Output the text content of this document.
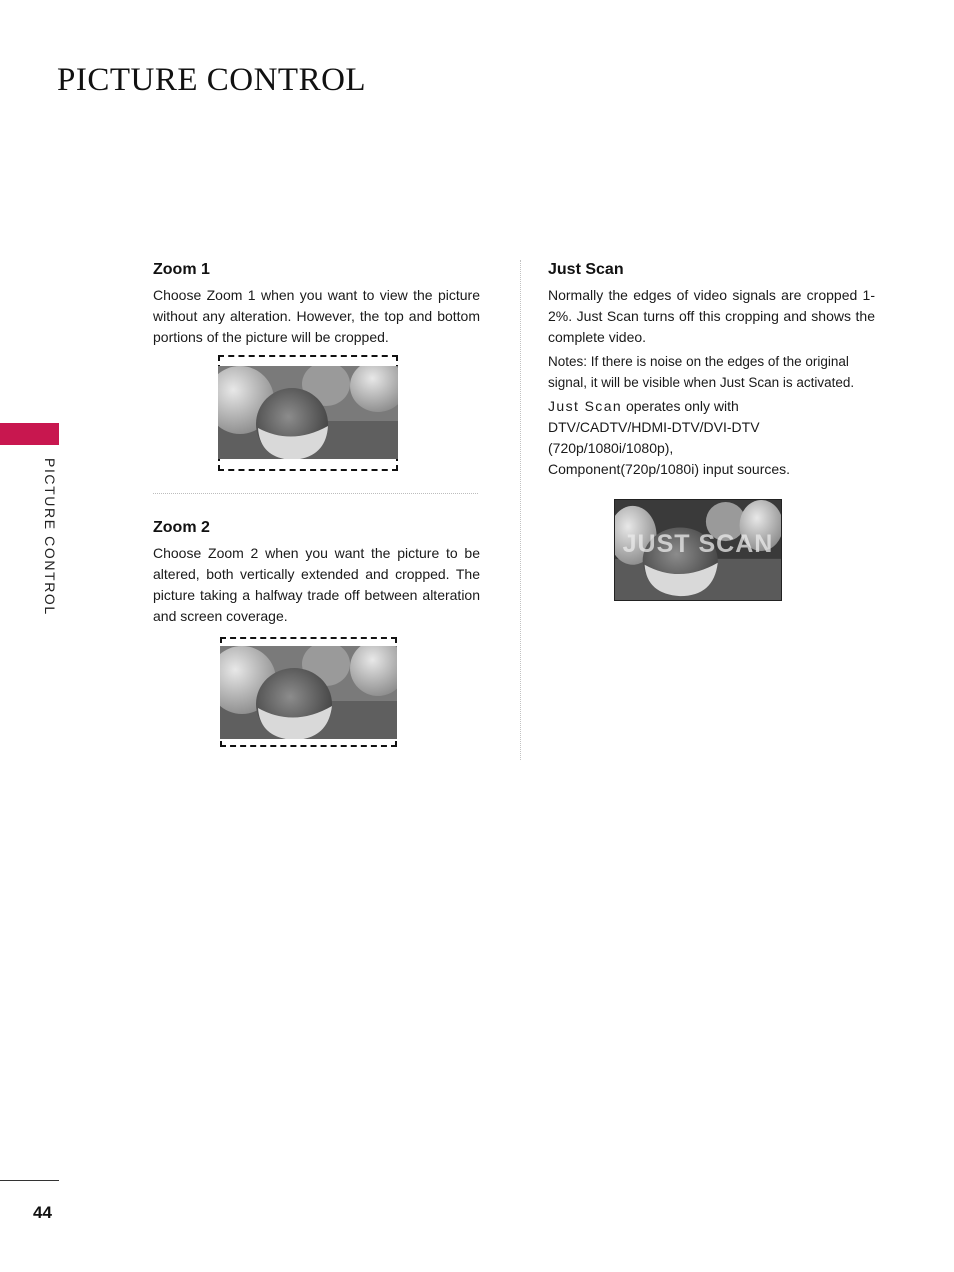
PICTURE CONTROL
PICTURE CONTROL
Zoom 1
Choose Zoom 1 when you want to view the picture without any alteration. However, the top and bottom portions of the picture will be cropped.
Zoom 2
Choose Zoom 2 when you want the picture to be altered, both vertically extended and cropped. The picture taking a halfway trade off between alteration and screen coverage.
Just Scan
Normally the edges of video signals are cropped 1-2%. Just Scan turns off this cropping and shows the complete video.
Notes: If there is noise on the edges of the original signal, it will be visible when Just Scan is activated.
Just Scan operates only with
DTV/CADTV/HDMI-DTV/DVI-DTV
(720p/1080i/1080p),
Component(720p/1080i) input sources.
JUST SCAN
44
